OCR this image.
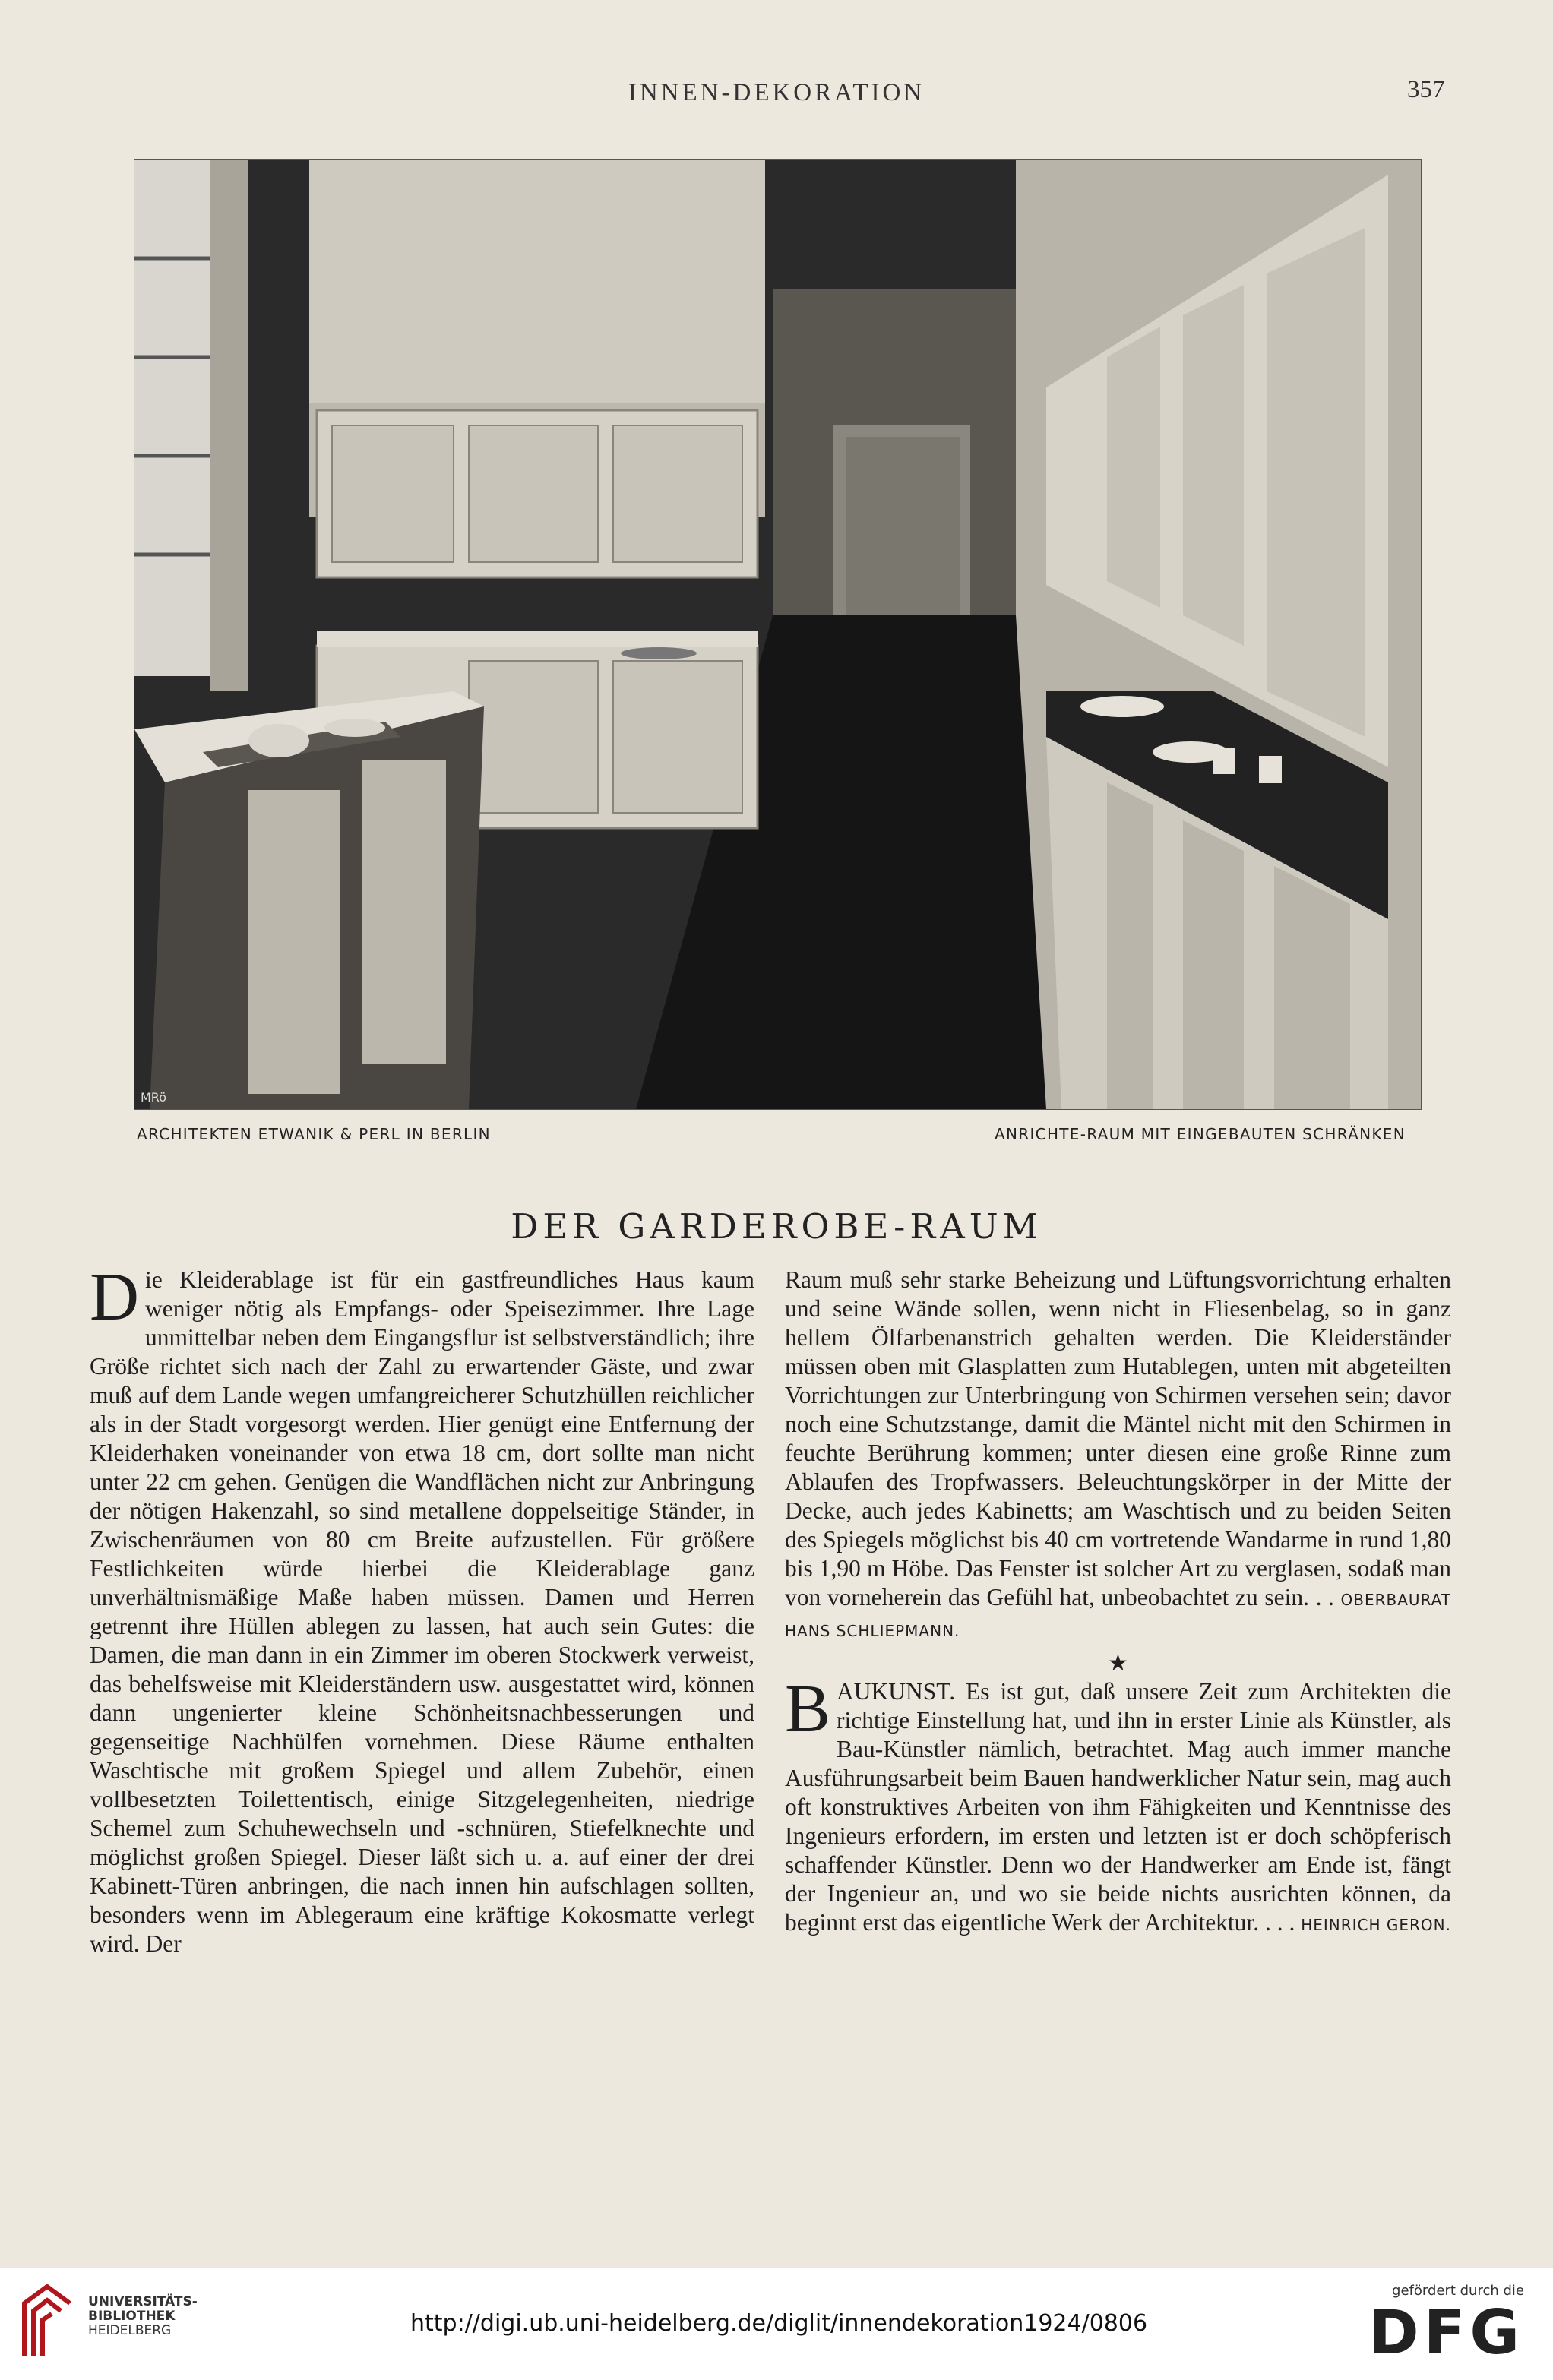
INNEN-DEKORATION	357
MRö
ARCHITEKTEN ETWANIK & PERL IN BERLIN	ANRICHTE-RAUM MIT EINGEBAUTEN SCHRÄNKEN
DER GARDEROBE-RAUM

Die Kleiderablage ist für ein gastfreundliches Haus kaum weniger nötig als Empfangs- oder Speisezimmer. Ihre Lage unmittelbar neben dem Eingangsflur ist selbstverständlich; ihre Größe richtet sich nach der Zahl zu erwartender Gäste, und zwar muß auf dem Lande wegen umfangreicherer Schutzhüllen reichlicher als in der Stadt vorgesorgt werden. Hier genügt eine Entfernung der Kleiderhaken voneinander von etwa 18 cm, dort sollte man nicht unter 22 cm gehen. Genügen die Wandflächen nicht zur Anbringung der nötigen Hakenzahl, so sind metallene doppelseitige Ständer, in Zwischenräumen von 80 cm Breite aufzustellen. Für größere Festlichkeiten würde hierbei die Kleiderablage ganz unverhältnismäßige Maße haben müssen. Damen und Herren getrennt ihre Hüllen ablegen zu lassen, hat auch sein Gutes: die Damen, die man dann in ein Zimmer im oberen Stockwerk verweist, das behelfsweise mit Kleiderständern usw. ausgestattet wird, können dann ungenierter kleine Schönheitsnachbesserungen und gegenseitige Nachhülfen vornehmen. Diese Räume enthalten Waschtische mit großem Spiegel und allem Zubehör, einen vollbesetzten Toilettentisch, einige Sitzgelegenheiten, niedrige Schemel zum Schuhewechseln und -schnüren, Stiefelknechte und möglichst großen Spiegel. Dieser läßt sich u. a. auf einer der drei Kabinett-Türen anbringen, die nach innen hin aufschlagen sollten, besonders wenn im Ablegeraum eine kräftige Kokosmatte verlegt wird. Der

Raum muß sehr starke Beheizung und Lüftungsvorrichtung erhalten und seine Wände sollen, wenn nicht in Fliesenbelag, so in ganz hellem Ölfarbenanstrich gehalten werden. Die Kleiderständer müssen oben mit Glasplatten zum Hutablegen, unten mit abgeteilten Vorrichtungen zur Unterbringung von Schirmen versehen sein; davor noch eine Schutzstange, damit die Mäntel nicht mit den Schirmen in feuchte Berührung kommen; unter diesen eine große Rinne zum Ablaufen des Tropfwassers. Beleuchtungskörper in der Mitte der Decke, auch jedes Kabinetts; am Waschtisch und zu beiden Seiten des Spiegels möglichst bis 40 cm vortretende Wandarme in rund 1,80 bis 1,90 m Höbe. Das Fenster ist solcher Art zu verglasen, sodaß man von vorneherein das Gefühl hat, unbeobachtet zu sein. . . OBERBAURAT HANS SCHLIEPMANN.

★

BAUKUNST. Es ist gut, daß unsere Zeit zum Architekten die richtige Einstellung hat, und ihn in erster Linie als Künstler, als Bau-Künstler nämlich, betrachtet. Mag auch immer manche Ausführungsarbeit beim Bauen handwerklicher Natur sein, mag auch oft konstruktives Arbeiten von ihm Fähigkeiten und Kenntnisse des Ingenieurs erfordern, im ersten und letzten ist er doch schöpferisch schaffender Künstler. Denn wo der Handwerker am Ende ist, fängt der Ingenieur an, und wo sie beide nichts ausrichten können, da beginnt erst das eigentliche Werk der Architektur. . . . HEINRICH GERON.

UNIVERSITÄTS-
BIBLIOTHEK
HEIDELBERG	http://digi.ub.uni-heidelberg.de/diglit/innendekoration1924/0806
gefördert durch die
DFG
